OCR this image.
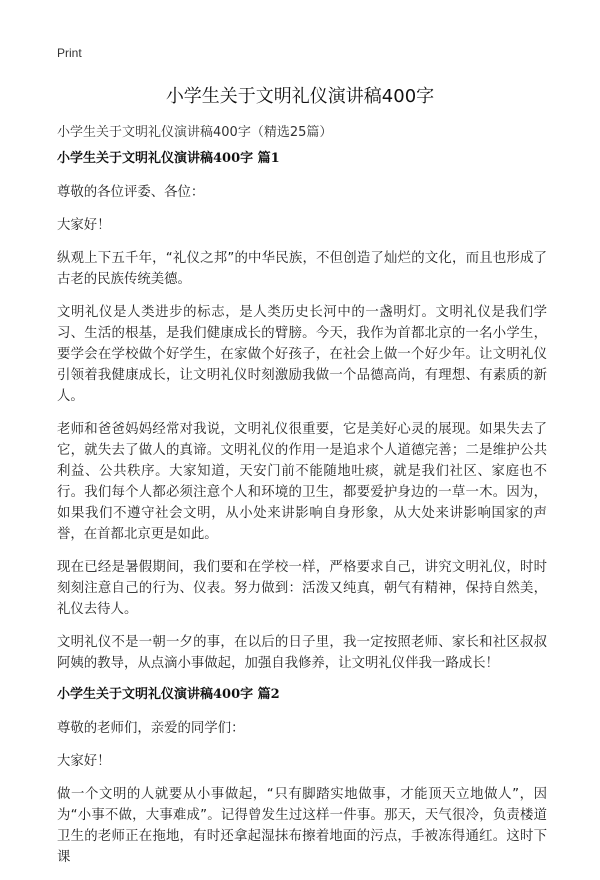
Print
小学生关于文明礼仪演讲稿400字

小学生关于文明礼仪演讲稿400字（精选25篇）

小学生关于文明礼仪演讲稿400字 篇1

尊敬的各位评委、各位：

大家好！

纵观上下五千年，“礼仪之邦”的中华民族，不但创造了灿烂的文化，而且也形成了古老的民族传统美德。

文明礼仪是人类进步的标志，是人类历史长河中的一盏明灯。文明礼仪是我们学习、生活的根基，是我们健康成长的臂膀。今天，我作为首都北京的一名小学生，要学会在学校做个好学生，在家做个好孩子，在社会上做一个好少年。让文明礼仪引领着我健康成长，让文明礼仪时刻激励我做一个品德高尚，有理想、有素质的新人。

老师和爸爸妈妈经常对我说，文明礼仪很重要，它是美好心灵的展现。如果失去了它，就失去了做人的真谛。文明礼仪的作用一是追求个人道德完善；二是维护公共利益、公共秩序。大家知道，天安门前不能随地吐痰，就是我们社区、家庭也不行。我们每个人都必须注意个人和环境的卫生，都要爱护身边的一草一木。因为，如果我们不遵守社会文明，从小处来讲影响自身形象，从大处来讲影响国家的声誉，在首都北京更是如此。

现在已经是暑假期间，我们要和在学校一样，严格要求自己，讲究文明礼仪，时时刻刻注意自己的行为、仪表。努力做到：活泼又纯真，朝气有精神，保持自然美，礼仪去待人。

文明礼仪不是一朝一夕的事，在以后的日子里，我一定按照老师、家长和社区叔叔阿姨的教导，从点滴小事做起，加强自我修养，让文明礼仪伴我一路成长！

小学生关于文明礼仪演讲稿400字 篇2

尊敬的老师们，亲爱的同学们：

大家好！

做一个文明的人就要从小事做起，“只有脚踏实地做事，才能顶天立地做人”，因为“小事不做，大事难成”。记得曾发生过这样一件事。那天，天气很冷，负责楼道卫生的老师正在拖地，有时还拿起湿抹布擦着地面的污点，手被冻得通红。这时下课
